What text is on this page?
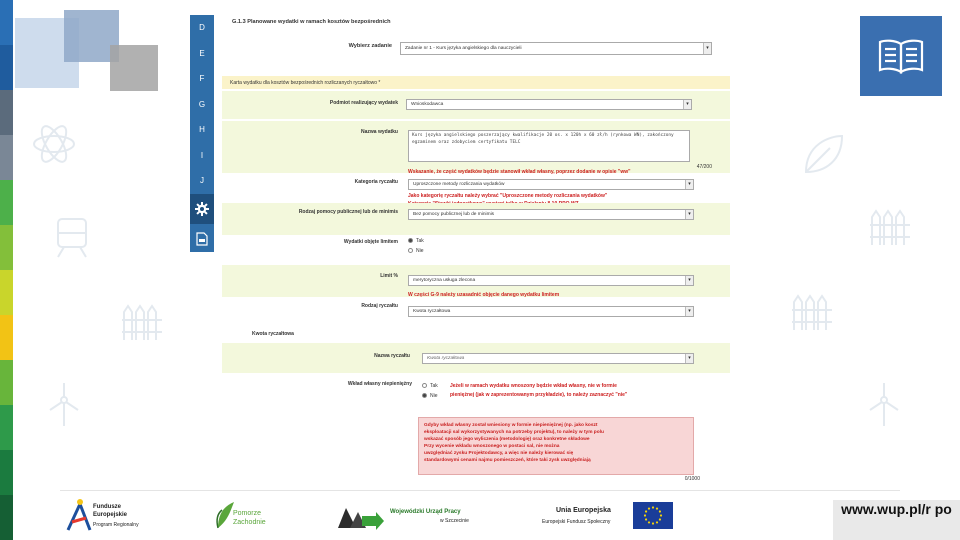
D
E
F
G
H
I
J
G.1.3 Planowane wydatki w ramach kosztów bezpośrednich
Wybierz zadanie	Zadanie nr 1 - Kurs języka angielskiego dla nauczycieli	▾
Karta wydatku dla kosztów bezpośrednich rozliczanych ryczałtowo *
Podmiot realizujący wydatek	Wnioskodawca	▾
Nazwa wydatku
Kurs języka angielskiego poszerzający kwalifikacje 20 os. x 120h x 60 zł/h (rynkowa WN), zakończony egzaminem oraz zdobyciem certyfikatu TELC
47/200
Wskazanie, że część wydatków będzie stanowił wkład własny, poprzez dodanie w opisie "ww"
Kategoria ryczałtu	Uproszczone metody rozliczania wydatków	▾
Jako kategorię ryczałtu należy wybrać "Uproszczone metody rozliczania wydatków"
Rodzaj pomocy publicznej lub de minimis	Bez pomocy publicznej lub de minimis	▾
Wydatki objęte limitem	Tak
Nie
Limit %
merytoryczna usługa zlecona	▾
W części G-9 należy uzasadnić objęcie danego wydatku limitem
Rodzaj ryczałtu
Kwota ryczałtowa	▾
Kwota ryczałtowa
Nazwa ryczałtu	Kwota ryczałtowa	▾
Wkład własny niepieniężny	Tak
Nie
Jeżeli w ramach wydatku wnoszony będzie wkład własny, nie w formie
pieniężnej (jak w zaprezentowanym przykładzie), to należy zaznaczyć "nie"
Gdyby wkład własny został wniesiony w formie niepieniężnej (np. jako koszt
eksploatacji sal wykorzystywanych na potrzeby projektu), to należy w tym polu
wskazać sposób jego wyliczenia (metodologię) oraz konkretne składowe
Przy wycenie wkładu wnoszonego w postaci sal, nie można
uwzględniać zysku Projektodawcy, a więc nie należy kierować się
standardowymi cenami najmu pomieszczeń, które taki zysk uwzględniają
0/1000
Fundusze
Europejskie
Program Regionalny
Pomorze
Zachodnie
Wojewódzki Urząd Pracy
w Szczecinie
Unia Europejska
Europejski Fundusz Społeczny
www.wup.pl/r po
